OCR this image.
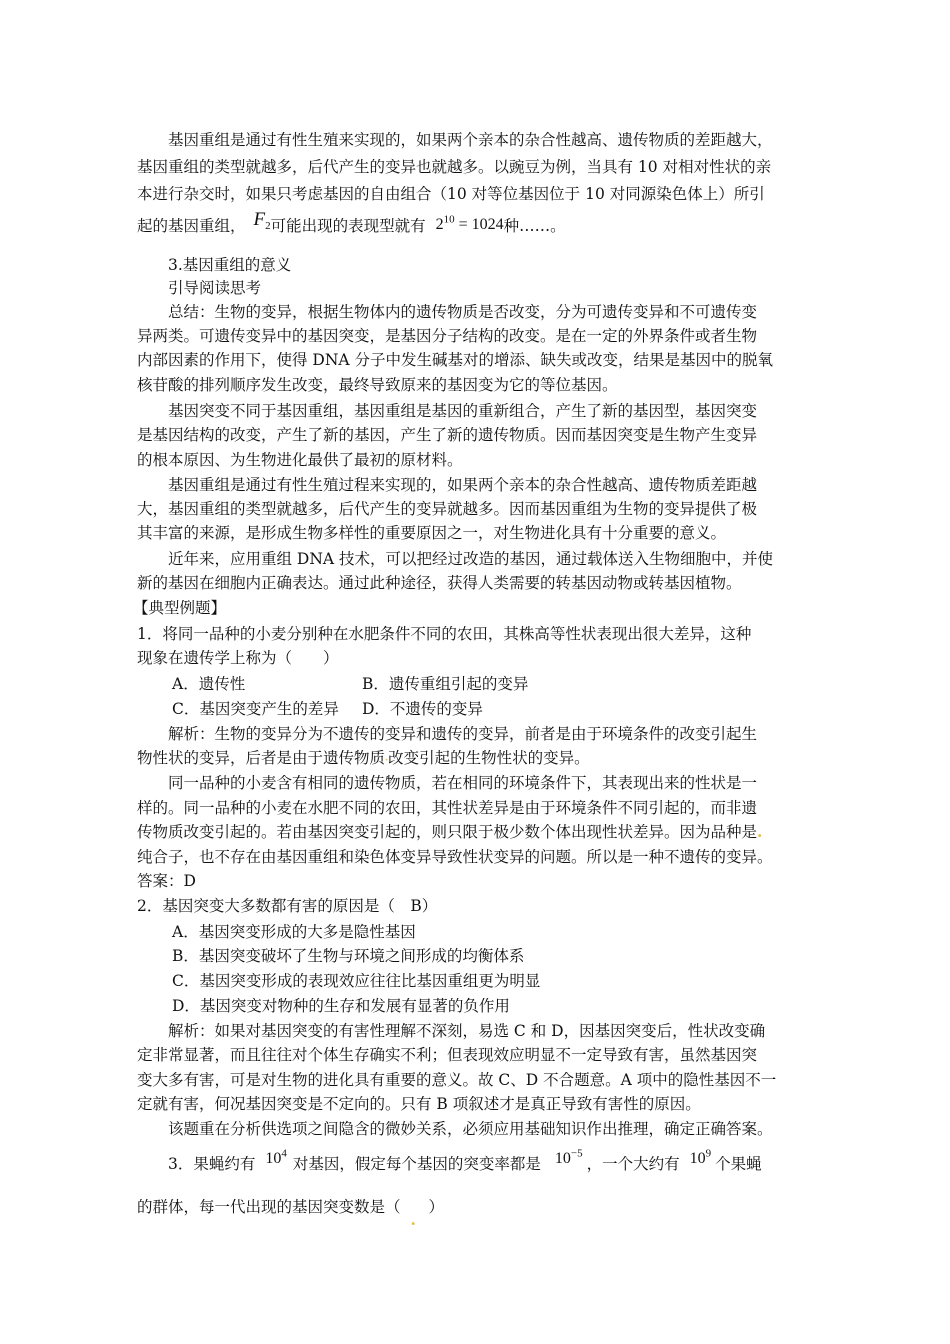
基因重组是通过有性生殖来实现的，如果两个亲本的杂合性越高、遗传物质的差距越大，
基因重组的类型就越多，后代产生的变异也就越多。以豌豆为例，当具有 10 对相对性状的亲
本进行杂交时，如果只考虑基因的自由组合（10 对等位基因位于 10 对同源染色体上）所引
起的基因重组， $F_2$可能出现的表现型就有 $2^{10} = 1024$种……。
3.基因重组的意义
引导阅读思考
总结：生物的变异，根据生物体内的遗传物质是否改变，分为可遗传变异和不可遗传变
异两类。可遗传变异中的基因突变，是基因分子结构的改变。是在一定的外界条件或者生物
内部因素的作用下，使得 DNA 分子中发生碱基对的增添、缺失或改变，结果是基因中的脱氧
核苷酸的排列顺序发生改变，最终导致原来的基因变为它的等位基因。
基因突变不同于基因重组，基因重组是基因的重新组合，产生了新的基因型，基因突变
是基因结构的改变，产生了新的基因，产生了新的遗传物质。因而基因突变是生物产生变异
的根本原因、为生物进化最供了最初的原材料。
基因重组是通过有性生殖过程来实现的，如果两个亲本的杂合性越高、遗传物质差距越
大，基因重组的类型就越多，后代产生的变异就越多。因而基因重组为生物的变异提供了极
其丰富的来源，是形成生物多样性的重要原因之一，对生物进化具有十分重要的意义。
近年来，应用重组 DNA 技术，可以把经过改造的基因，通过载体送入生物细胞中，并使
新的基因在细胞内正确表达。通过此种途径，获得人类需要的转基因动物或转基因植物。
【典型例题】
1．将同一品种的小麦分别种在水肥条件不同的农田，其株高等性状表现出很大差异，这种
现象在遗传学上称为（　　）
A．遗传性	B．遗传重组引起的变异
C．基因突变产生的差异 D．不遗传的变异
解析：生物的变异分为不遗传的变异和遗传的变异，前者是由于环境条件的改变引起生
物性状的变异，后者是由于遗传物质·改变引起的生物性状的变异。
同一品种的小麦含有相同的遗传物质，若在相同的环境条件下，其表现出来的性状是一
样的。同一品种的小麦在水肥不同的农田，其性状差异是由于环境条件不同引起的，而非遗
传物质改变引起的。若由基因突变引起的，则只限于极少数个体出现性状差异。因为品种是.
纯合子，也不存在由基因重组和染色体变异导致性状变异的问题。所以是一种不遗传的变异。
答案：D
2．基因突变大多数都有害的原因是（　B）
A．基因突变形成的大多是隐性基因
B．基因突变破坏了生物与环境之间形成的均衡体系
C．基因突变形成的表现效应往往比基因重组更为明显
D．基因突变对物种的生存和发展有显著的负作用
解析：如果对基因突变的有害性理解不深刻，易选 C 和 D，因基因突变后，性状改变确
定非常显著，而且往往对个体生存确实不利；但表现效应明显不一定导致有害，虽然基因突
变大多有害，可是对生物的进化具有重要的意义。故 C、D 不合题意。A 项中的隐性基因不一
定就有害，何况基因突变是不定向的。只有 B 项叙述才是真正导致有害性的原因。
该题重在分析供选项之间隐含的微妙关系，必须应用基础知识作出推理，确定正确答案。
3．果蝇约有 $10^4$对基因，假定每个基因的突变率都是 $10^{-5}$，一个大约有 $10^9$个果蝇
的群体，每一代出现的基因突变数是（
.
）
